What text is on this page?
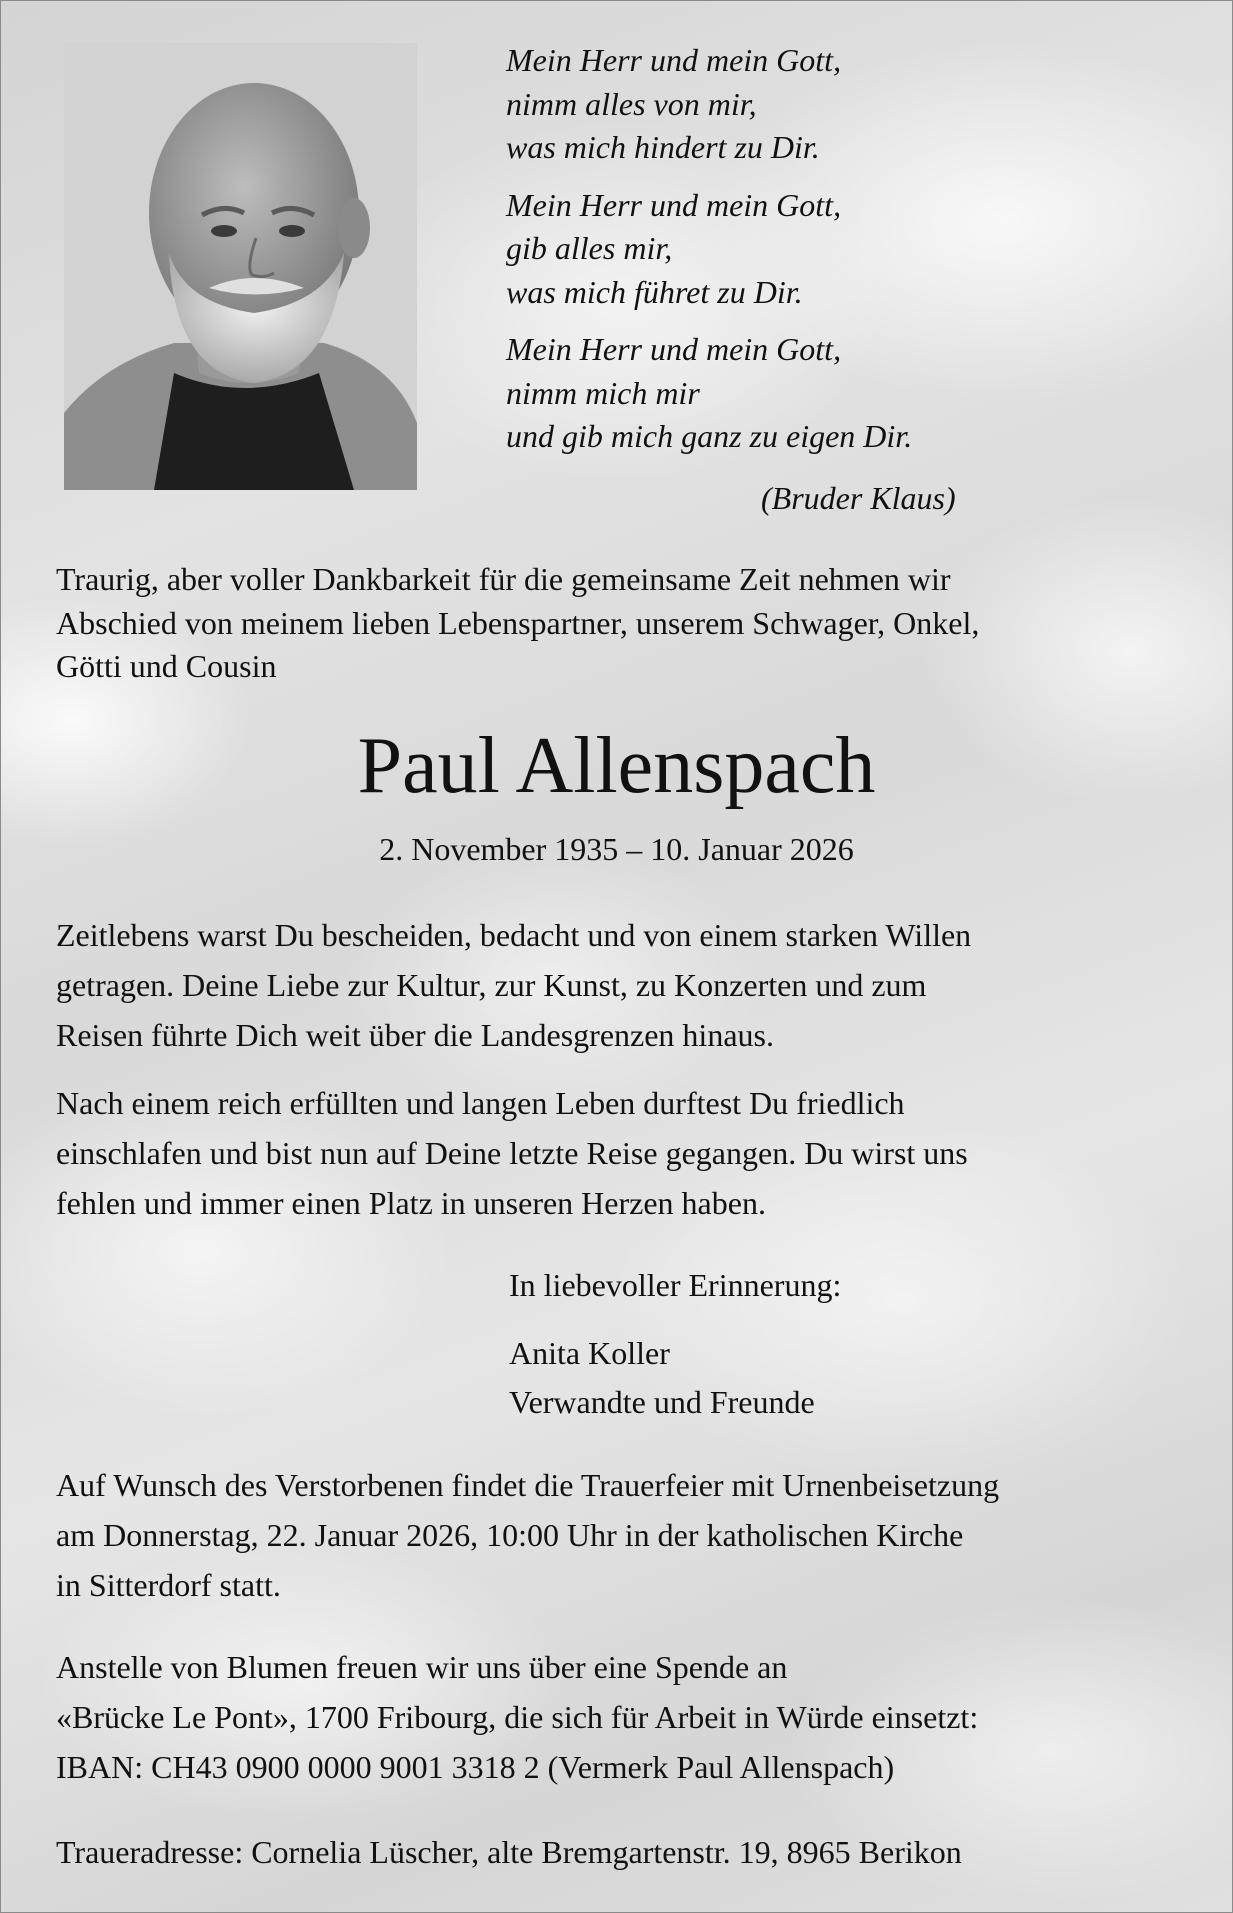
Mein Herr und mein Gott,
nimm alles von mir,
was mich hindert zu Dir.
Mein Herr und mein Gott,
gib alles mir,
was mich führet zu Dir.
Mein Herr und mein Gott,
nimm mich mir
und gib mich ganz zu eigen Dir.
(Bruder Klaus)
Traurig, aber voller Dankbarkeit für die gemeinsame Zeit nehmen wir
Abschied von meinem lieben Lebenspartner, unserem Schwager, Onkel,
Götti und Cousin
Paul Allenspach
2. November 1935 – 10. Januar 2026
Zeitlebens warst Du bescheiden, bedacht und von einem starken Willen
getragen. Deine Liebe zur Kultur, zur Kunst, zu Konzerten und zum
Reisen führte Dich weit über die Landesgrenzen hinaus.
Nach einem reich erfüllten und langen Leben durftest Du friedlich
einschlafen und bist nun auf Deine letzte Reise gegangen. Du wirst uns
fehlen und immer einen Platz in unseren Herzen haben.
In liebevoller Erinnerung:
Anita Koller
Verwandte und Freunde
Auf Wunsch des Verstorbenen findet die Trauerfeier mit Urnenbeisetzung
am Donnerstag, 22. Januar 2026, 10:00 Uhr in der katholischen Kirche
in Sitterdorf statt.
Anstelle von Blumen freuen wir uns über eine Spende an
«Brücke Le Pont», 1700 Fribourg, die sich für Arbeit in Würde einsetzt:
IBAN: CH43 0900 0000 9001 3318 2 (Vermerk Paul Allenspach)
Traueradresse: Cornelia Lüscher, alte Bremgartenstr. 19, 8965 Berikon
